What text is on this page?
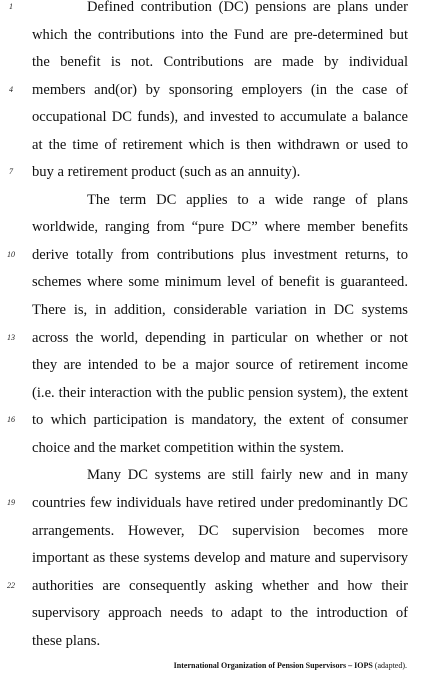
Defined contribution (DC) pensions are plans under
which the contributions into the Fund are pre-determined but
the benefit is not. Contributions are made by individual
members and(or) by sponsoring employers (in the case of
occupational DC funds), and invested to accumulate a balance
at the time of retirement which is then withdrawn or used to
buy a retirement product (such as an annuity).
The term DC applies to a wide range of plans
worldwide, ranging from “pure DC” where member benefits
derive totally from contributions plus investment returns, to
schemes where some minimum level of benefit is guaranteed.
There is, in addition, considerable variation in DC systems
across the world, depending in particular on whether or not
they are intended to be a major source of retirement income
(i.e. their interaction with the public pension system), the extent
to which participation is mandatory, the extent of consumer
choice and the market competition within the system.
Many DC systems are still fairly new and in many
countries few individuals have retired under predominantly DC
arrangements. However, DC supervision becomes more
important as these systems develop and mature and supervisory
authorities are consequently asking whether and how their
supervisory approach needs to adapt to the introduction of
these plans.
1
4
7
10
13
16
19
22
International Organization of Pension Supervisors – IOPS (adapted).
